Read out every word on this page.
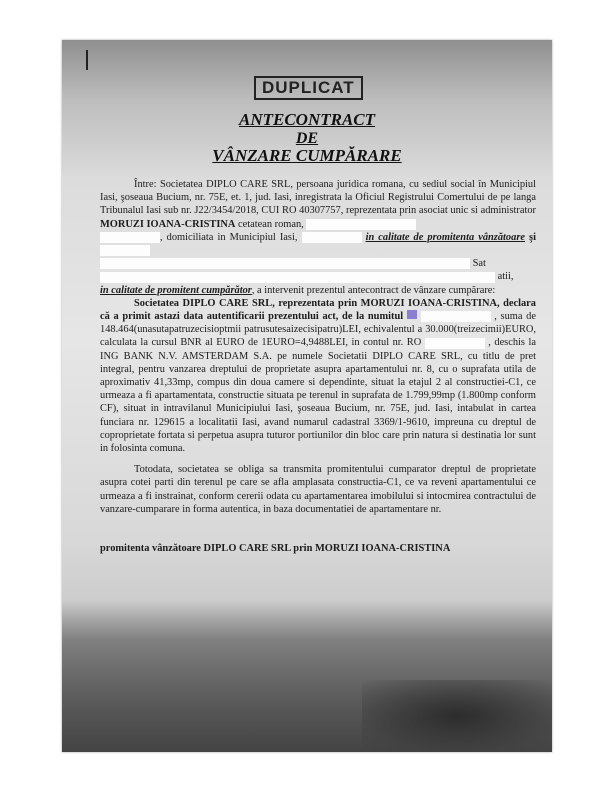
DUPLICAT
ANTECONTRACT
DE
VÂNZARE CUMPĂRARE

Între: Societatea DIPLO CARE SRL, persoana juridica romana, cu sediul social în Municipiul Iasi, şoseaua Bucium, nr. 75E, et. 1, jud. Iasi, inregistrata la Oficiul Registrului Comertului de pe langa Tribunalul Iasi sub nr. J22/3454/2018, CUI RO 40307757, reprezentata prin asociat unic si administrator MORUZI IOANA-CRISTINA cetatean roman,
, domiciliata in Municipiul Iasi,	in calitate de promitenta vânzătoare şi
Sat
atii,

in calitate de promitent cumpărător, a intervenit prezentul antecontract de vânzare cumpărare:

Societatea DIPLO CARE SRL, reprezentata prin MORUZI IOANA-CRISTINA, declara că a primit astazi data autentificarii prezentului act, de la numitul	, suma de 148.464(unasutapatruzecisioptmii patrusutesaizecisipatru)LEI, echivalentul a 30.000(treizecimii)EURO, calculata la cursul BNR al EURO de 1EURO=4,9488LEI, in contul nr. RO	, deschis la ING BANK N.V. AMSTERDAM S.A. pe numele Societatii DIPLO CARE SRL, cu titlu de pret integral, pentru vanzarea dreptului de proprietate asupra apartamentului nr. 8, cu o suprafata utila de aproximativ 41,33mp, compus din doua camere si dependinte, situat la etajul 2 al constructiei-C1, ce urmeaza a fi apartamentata, constructie situata pe terenul in suprafata de 1.799,99mp (1.800mp conform CF), situat in intravilanul Municipiului Iasi, şoseaua Bucium, nr. 75E, jud. Iasi, intabulat in cartea funciara nr. 129615 a localitatii Iasi, avand numarul cadastral 3369/1-9610, impreuna cu dreptul de coproprietate fortata si perpetua asupra tuturor portiunilor din bloc care prin natura si destinatia lor sunt in folosinta comuna.

Totodata, societatea se obliga sa transmita promitentului cumparator dreptul de proprietate asupra cotei parti din terenul pe care se afla amplasata constructia-C1, ce va reveni apartamentului ce urmeaza a fi instrainat, conform cererii odata cu apartamentarea imobilului si intocmirea contractului de vanzare-cumparare in forma autentica, in baza documentatiei de apartamentare nr.

promitenta vânzătoare DIPLO CARE SRL prin MORUZI IOANA-CRISTINA
